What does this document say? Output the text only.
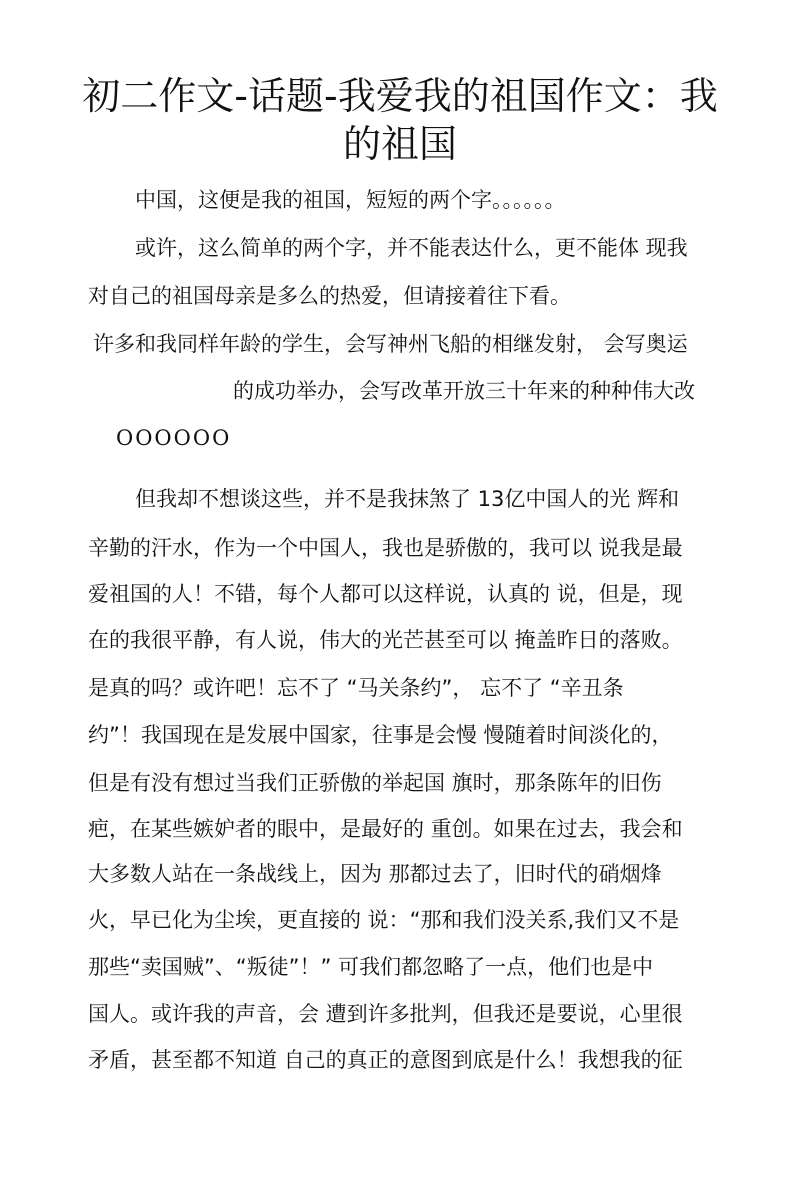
初二作文-话题-我爱我的祖国作文：我
的祖国

中国，这便是我的祖国，短短的两个字。。。。。。

或许，这么简单的两个字，并不能表达什么，更不能体 现我

对自己的祖国母亲是多么的热爱，但请接着往下看。

许多和我同样年龄的学生，会写神州飞船的相继发射， 会写奥运

的成功举办，会写改革开放三十年来的种种伟大改

OOOOOO

但我却不想谈这些，并不是我抹煞了 13亿中国人的光 辉和

辛勤的汗水，作为一个中国人，我也是骄傲的，我可以 说我是最

爱祖国的人！不错，每个人都可以这样说，认真的 说，但是，现

在的我很平静，有人说，伟大的光芒甚至可以 掩盖昨日的落败。

是真的吗？或许吧！忘不了 “马关条约”， 忘不了 “辛丑条

约”！我国现在是发展中国家，往事是会慢 慢随着时间淡化的，

但是有没有想过当我们正骄傲的举起国 旗时，那条陈年的旧伤

疤，在某些嫉妒者的眼中，是最好的 重创。如果在过去，我会和

大多数人站在一条战线上，因为 那都过去了，旧时代的硝烟烽

火，早已化为尘埃，更直接的 说：“那和我们没关系,我们又不是

那些“卖国贼”、“叛徒”！” 可我们都忽略了一点，他们也是中

国人。或许我的声音，会 遭到许多批判，但我还是要说，心里很

矛盾，甚至都不知道 自己的真正的意图到底是什么！我想我的征
